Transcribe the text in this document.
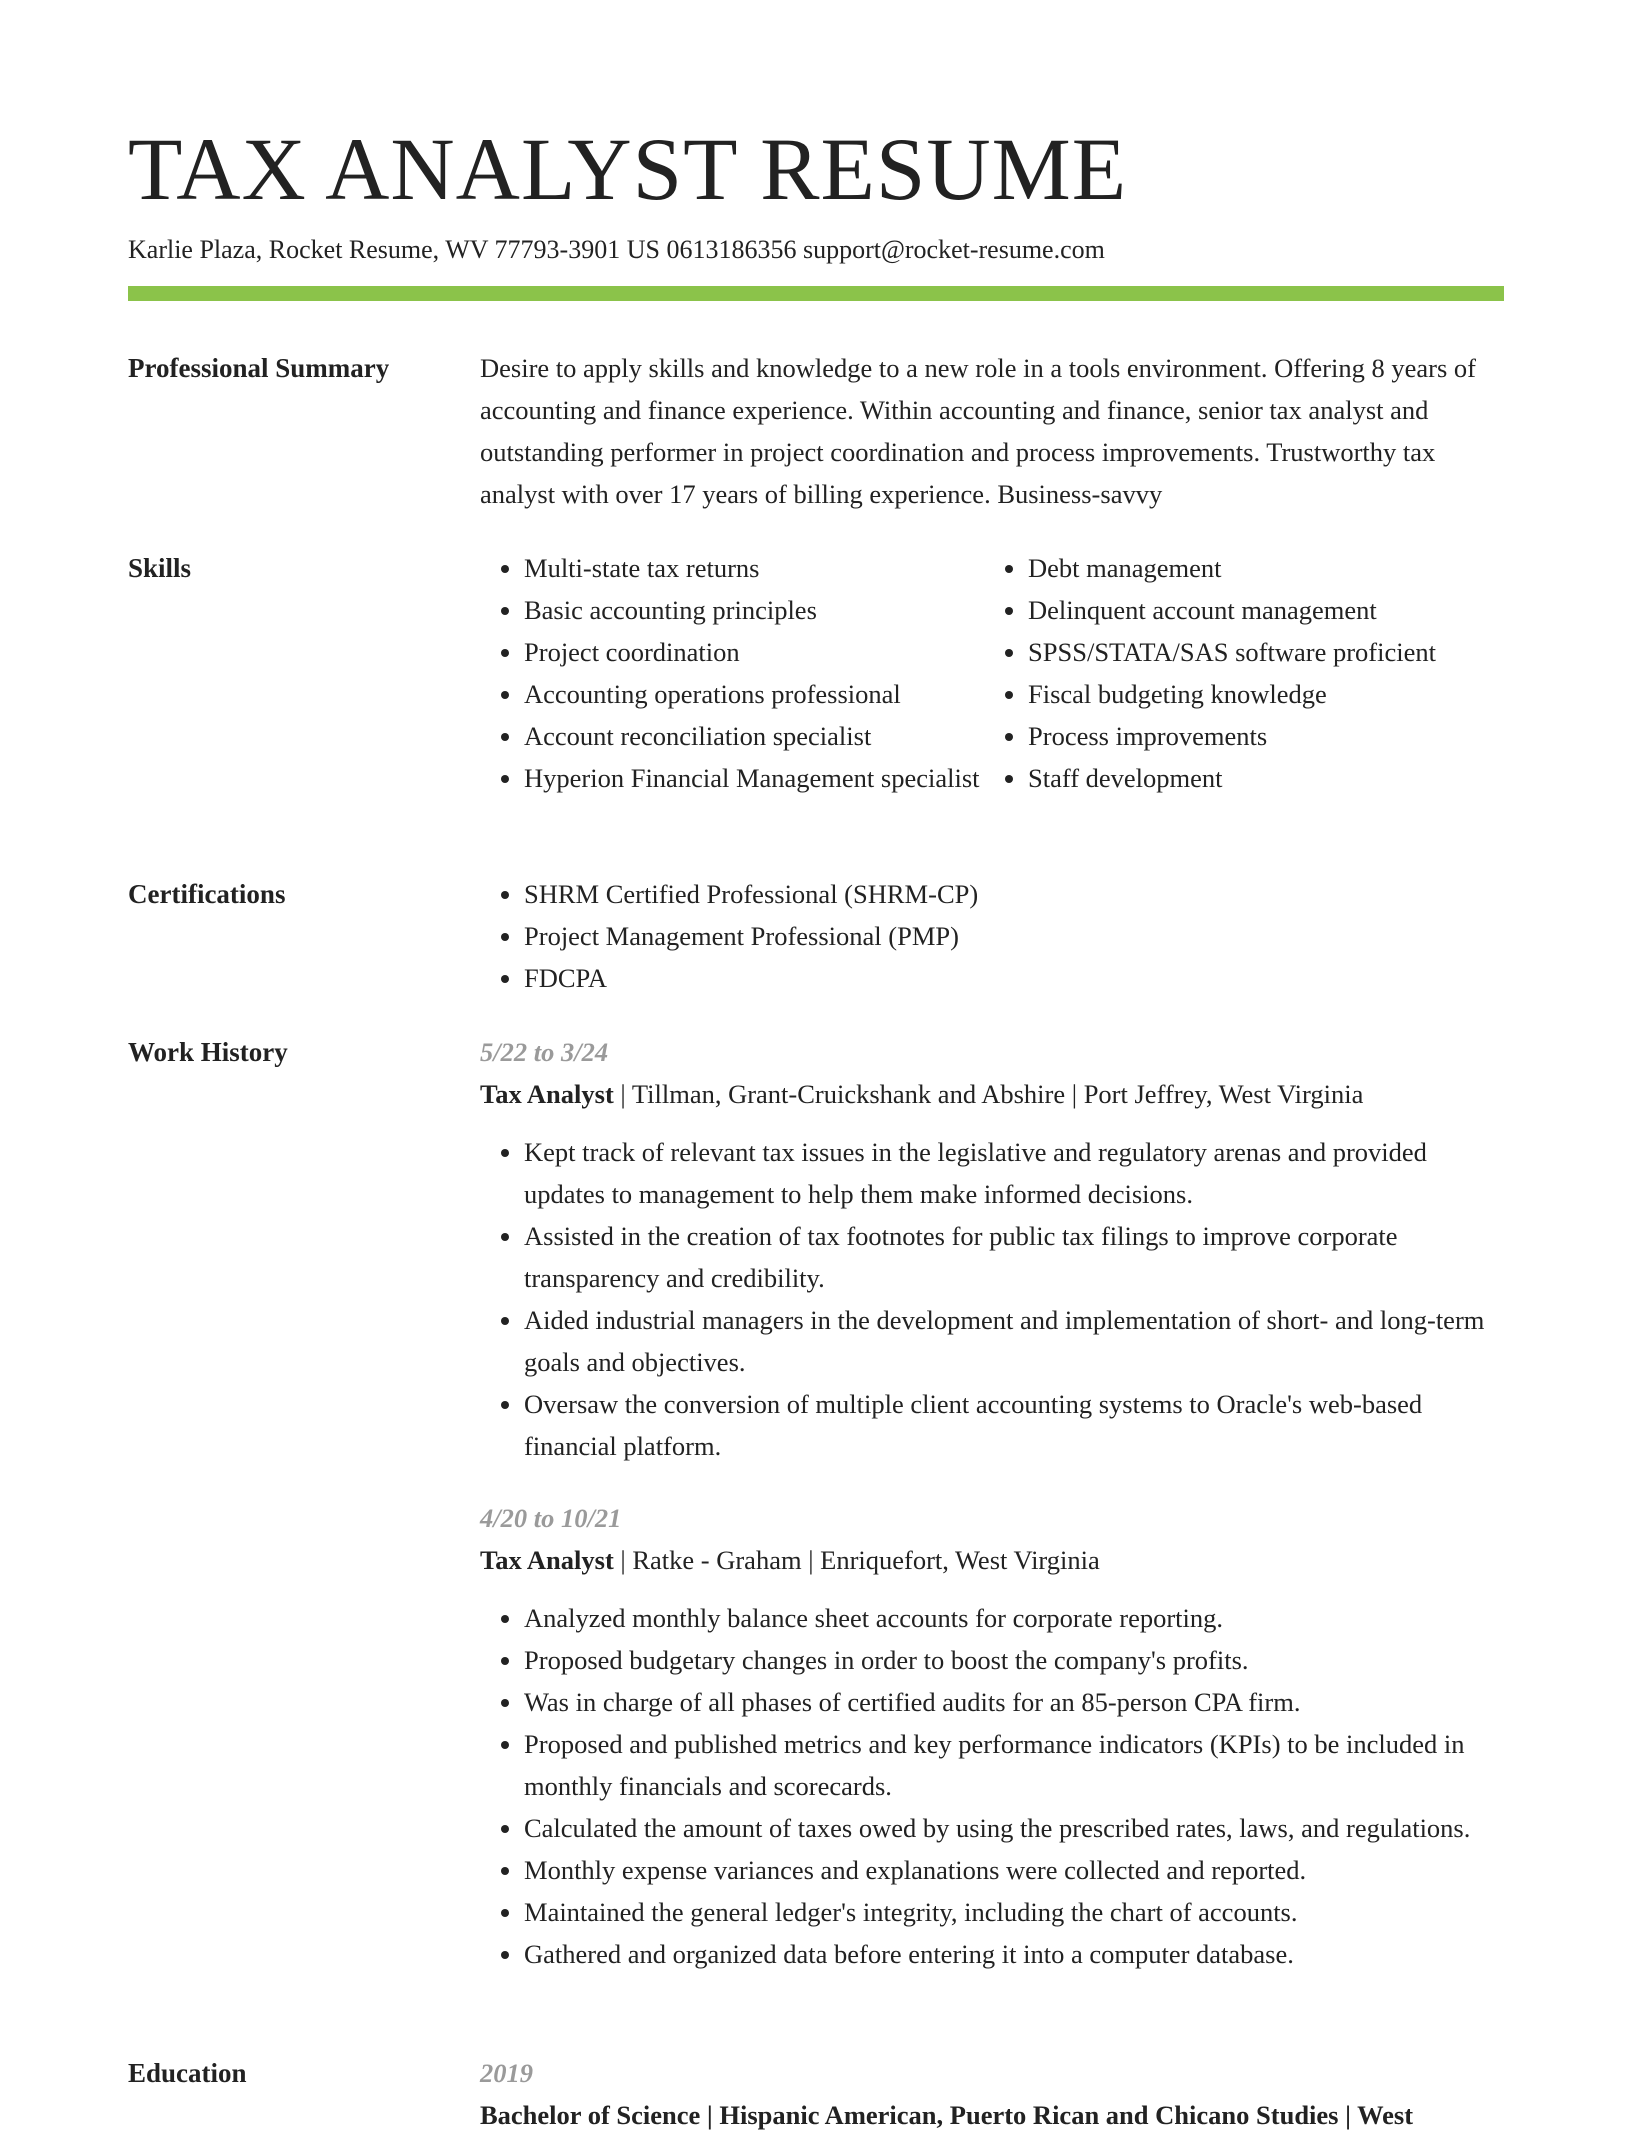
TAX ANALYST RESUME
Karlie Plaza, Rocket Resume, WV 77793-3901 US 0613186356 support@rocket-resume.com
Professional Summary	Desire to apply skills and knowledge to a new role in a tools environment. Offering 8 years of accounting and finance experience. Within accounting and finance, senior tax analyst and outstanding performer in project coordination and process improvements. Trustworthy tax analyst with over 17 years of billing experience. Business-savvy
Skills	• Multi-state tax returns
• Basic accounting principles
• Project coordination
• Accounting operations professional
• Account reconciliation specialist
• Hyperion Financial Management specialist
• Debt management
• Delinquent account management
• SPSS/STATA/SAS software proficient
• Fiscal budgeting knowledge
• Process improvements
• Staff development
Certifications	• SHRM Certified Professional (SHRM-CP)
• Project Management Professional (PMP)
• FDCPA
Work History	5/22 to 3/24
Tax Analyst | Tillman, Grant-Cruickshank and Abshire | Port Jeffrey, West Virginia
• Kept track of relevant tax issues in the legislative and regulatory arenas and provided updates to management to help them make informed decisions.
• Assisted in the creation of tax footnotes for public tax filings to improve corporate transparency and credibility.
• Aided industrial managers in the development and implementation of short- and long-term goals and objectives.
• Oversaw the conversion of multiple client accounting systems to Oracle's web-based financial platform.
4/20 to 10/21
Tax Analyst | Ratke - Graham | Enriquefort, West Virginia
• Analyzed monthly balance sheet accounts for corporate reporting.
• Proposed budgetary changes in order to boost the company's profits.
• Was in charge of all phases of certified audits for an 85-person CPA firm.
• Proposed and published metrics and key performance indicators (KPIs) to be included in monthly financials and scorecards.
• Calculated the amount of taxes owed by using the prescribed rates, laws, and regulations.
• Monthly expense variances and explanations were collected and reported.
• Maintained the general ledger's integrity, including the chart of accounts.
• Gathered and organized data before entering it into a computer database.
Education	2019
Bachelor of Science | Hispanic American, Puerto Rican and Chicano Studies | West
